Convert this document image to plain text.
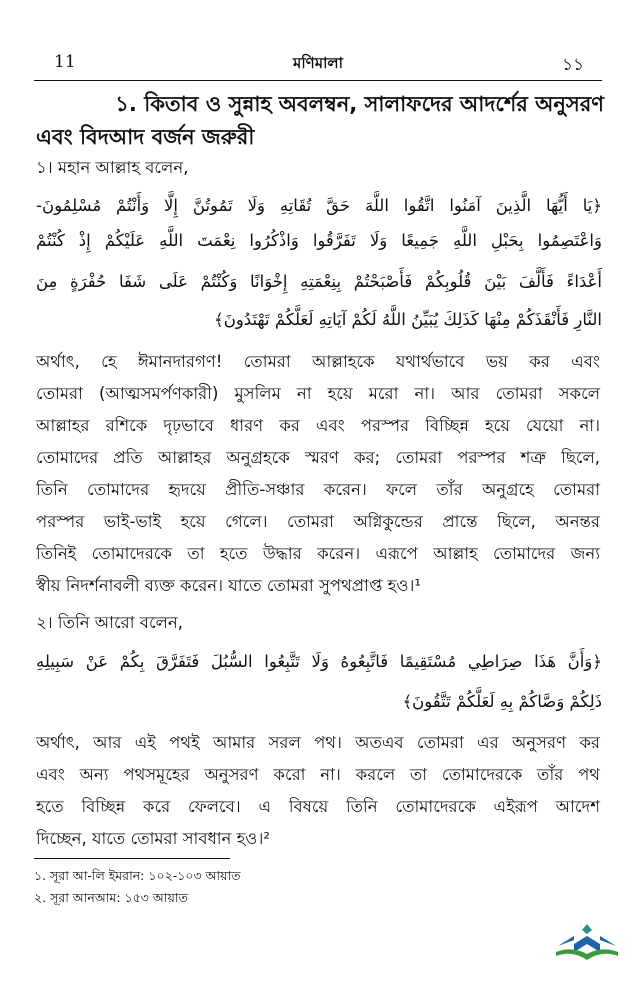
11	মণিমালা	১১
১. কিতাব ও সুন্নাহ অবলম্বন, সালাফদের আদর্শের অনুসরণ
এবং বিদআদ বর্জন জরুরী
১। মহান আল্লাহ বলেন,
﴿يَا أَيُّهَا الَّذِينَ آمَنُوا اتَّقُوا اللَّهَ حَقَّ تُقَاتِهِ وَلَا تَمُوتُنَّ إِلَّا وَأَنْتُمْ مُسْلِمُونَ-
وَاعْتَصِمُوا بِحَبْلِ اللَّهِ جَمِيعًا وَلَا تَفَرَّقُوا وَاذْكُرُوا نِعْمَتَ اللَّهِ عَلَيْكُمْ إِذْ كُنْتُمْ
أَعْدَاءً فَأَلَّفَ بَيْنَ قُلُوبِكُمْ فَأَصْبَحْتُمْ بِنِعْمَتِهِ إِخْوَانًا وَكُنْتُمْ عَلَى شَفَا حُفْرَةٍ مِنَ
النَّارِ فَأَنْقَذَكُمْ مِنْهَا كَذَلِكَ يُبَيِّنُ اللَّهُ لَكُمْ آيَاتِهِ لَعَلَّكُمْ تَهْتَدُونَ﴾
অর্থাৎ, হে ঈমানদারগণ! তোমরা আল্লাহকে যথার্থভাবে ভয় কর এবং
তোমরা (আত্মসমর্পণকারী) মুসলিম না হয়ে মরো না। আর তোমরা সকলে
আল্লাহর রশিকে দৃঢ়ভাবে ধারণ কর এবং পরস্পর বিচ্ছিন্ন হয়ে যেয়ো না।
তোমাদের প্রতি আল্লাহর অনুগ্রহকে স্মরণ কর; তোমরা পরস্পর শত্রু ছিলে,
তিনি তোমাদের হৃদয়ে প্রীতি-সঞ্চার করেন। ফলে তাঁর অনুগ্রহে তোমরা
পরস্পর ভাই-ভাই হয়ে গেলে। তোমরা অগ্নিকুন্ডের প্রান্তে ছিলে, অনন্তর
তিনিই তোমাদেরকে তা হতে উদ্ধার করেন। এরূপে আল্লাহ তোমাদের জন্য
স্বীয় নিদর্শনাবলী ব্যক্ত করেন। যাতে তোমরা সুপথপ্রাপ্ত হও।¹
২। তিনি আরো বলেন,
﴿وَأَنَّ هَذَا صِرَاطِي مُسْتَقِيمًا فَاتَّبِعُوهُ وَلَا تَتَّبِعُوا السُّبُلَ فَتَفَرَّقَ بِكُمْ عَنْ سَبِيلِهِ
ذَلِكُمْ وَصَّاكُمْ بِهِ لَعَلَّكُمْ تَتَّقُونَ﴾
অর্থাৎ, আর এই পথই আমার সরল পথ। অতএব তোমরা এর অনুসরণ কর
এবং অন্য পথসমূহের অনুসরণ করো না। করলে তা তোমাদেরকে তাঁর পথ
হতে বিচ্ছিন্ন করে ফেলবে। এ বিষয়ে তিনি তোমাদেরকে এইরূপ আদেশ
দিচ্ছেন, যাতে তোমরা সাবধান হও।²
১. সূরা আ-লি ইমরান: ১০২-১০৩ আয়াত
২. সূরা আনআম: ১৫৩ আয়াত
